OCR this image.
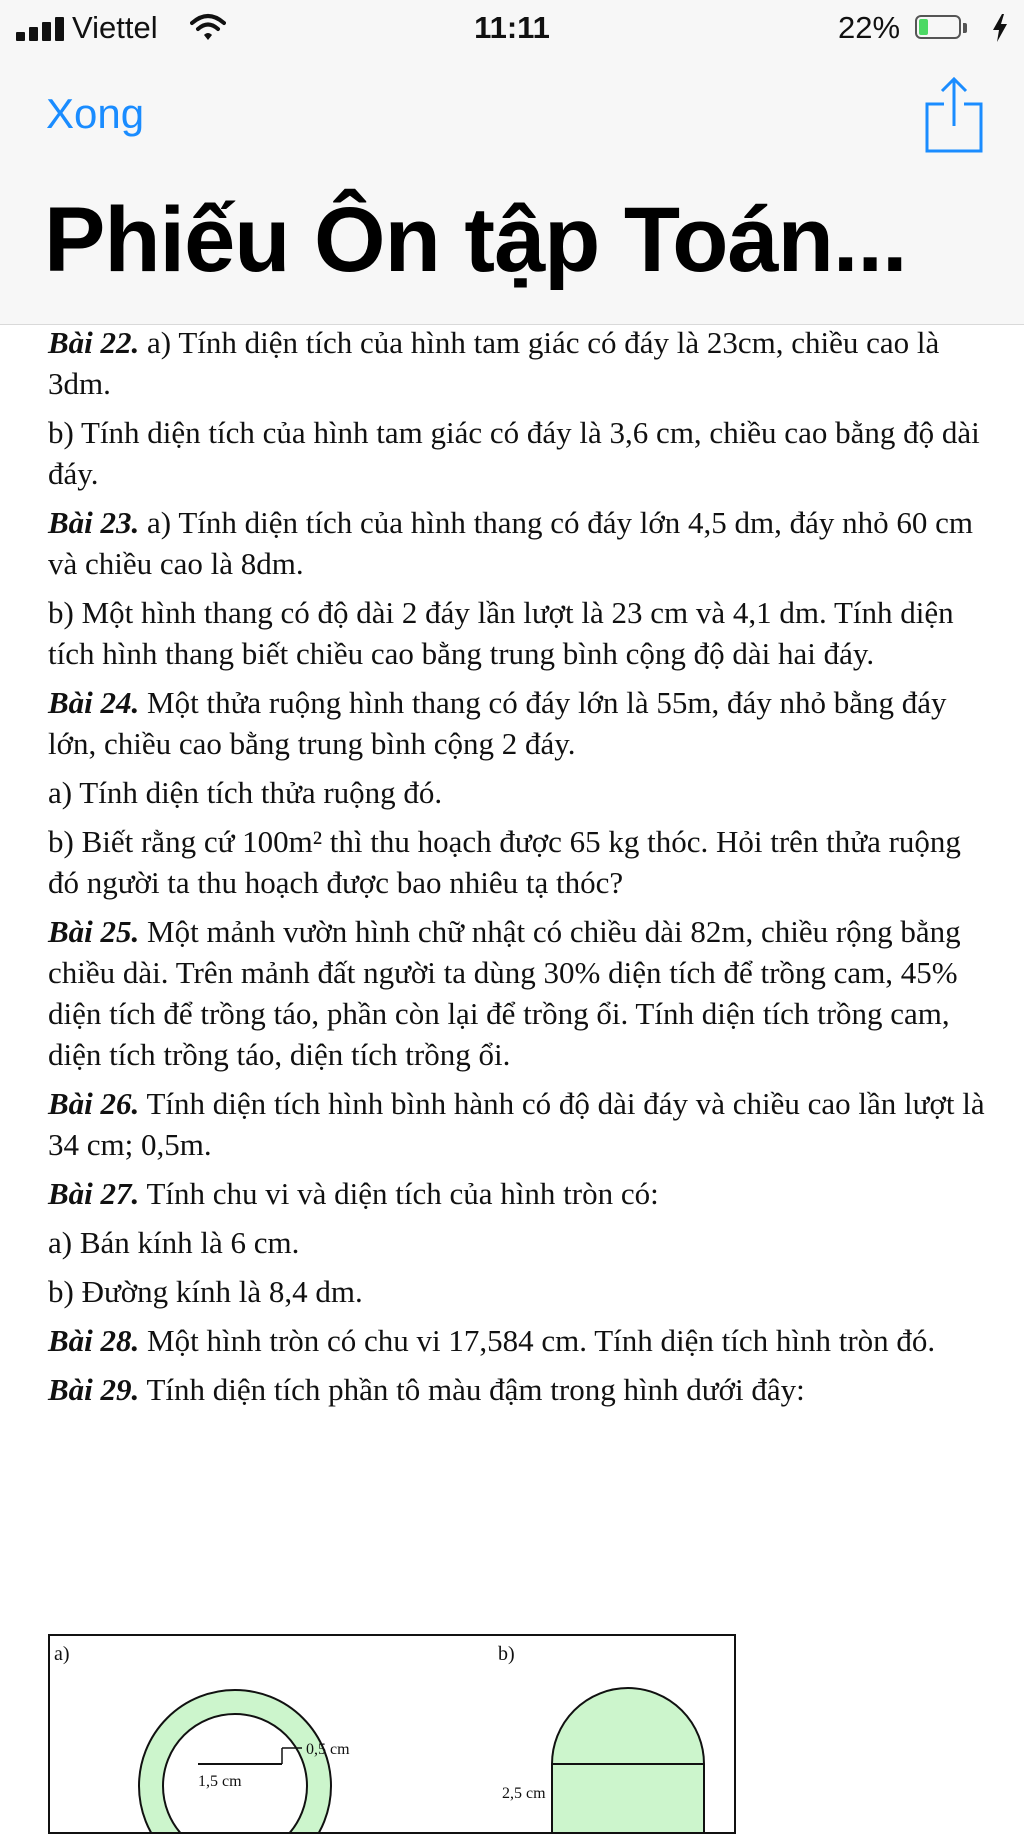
Viettel	11:11	22%
Xong
Phiếu Ôn tập Toán...

Bài 22. a) Tính diện tích của hình tam giác có đáy là 23cm, chiều cao là 3dm.

b) Tính diện tích của hình tam giác có đáy là 3,6 cm, chiều cao bằng độ dài đáy.

Bài 23. a) Tính diện tích của hình thang có đáy lớn 4,5 dm, đáy nhỏ 60 cm và chiều cao là 8dm.

b) Một hình thang có độ dài 2 đáy lần lượt là 23 cm và 4,1 dm. Tính diện tích hình thang biết chiều cao bằng trung bình cộng độ dài hai đáy.

Bài 24. Một thửa ruộng hình thang có đáy lớn là 55m, đáy nhỏ bằng đáy lớn, chiều cao bằng trung bình cộng 2 đáy.

a) Tính diện tích thửa ruộng đó.

b) Biết rằng cứ 100m² thì thu hoạch được 65 kg thóc. Hỏi trên thửa ruộng đó người ta thu hoạch được bao nhiêu tạ thóc?

Bài 25. Một mảnh vườn hình chữ nhật có chiều dài 82m, chiều rộng bằng chiều dài. Trên mảnh đất người ta dùng 30% diện tích để trồng cam, 45% diện tích để trồng táo, phần còn lại để trồng ổi. Tính diện tích trồng cam, diện tích trồng táo, diện tích trồng ổi.

Bài 26. Tính diện tích hình bình hành có độ dài đáy và chiều cao lần lượt là 34 cm; 0,5m.

Bài 27. Tính chu vi và diện tích của hình tròn có:

a) Bán kính là 6 cm.

b) Đường kính là 8,4 dm.

Bài 28. Một hình tròn có chu vi 17,584 cm. Tính diện tích hình tròn đó.

Bài 29. Tính diện tích phần tô màu đậm trong hình dưới đây:

a)	b)
0,5 cm
1,5 cm
2,5 cm
